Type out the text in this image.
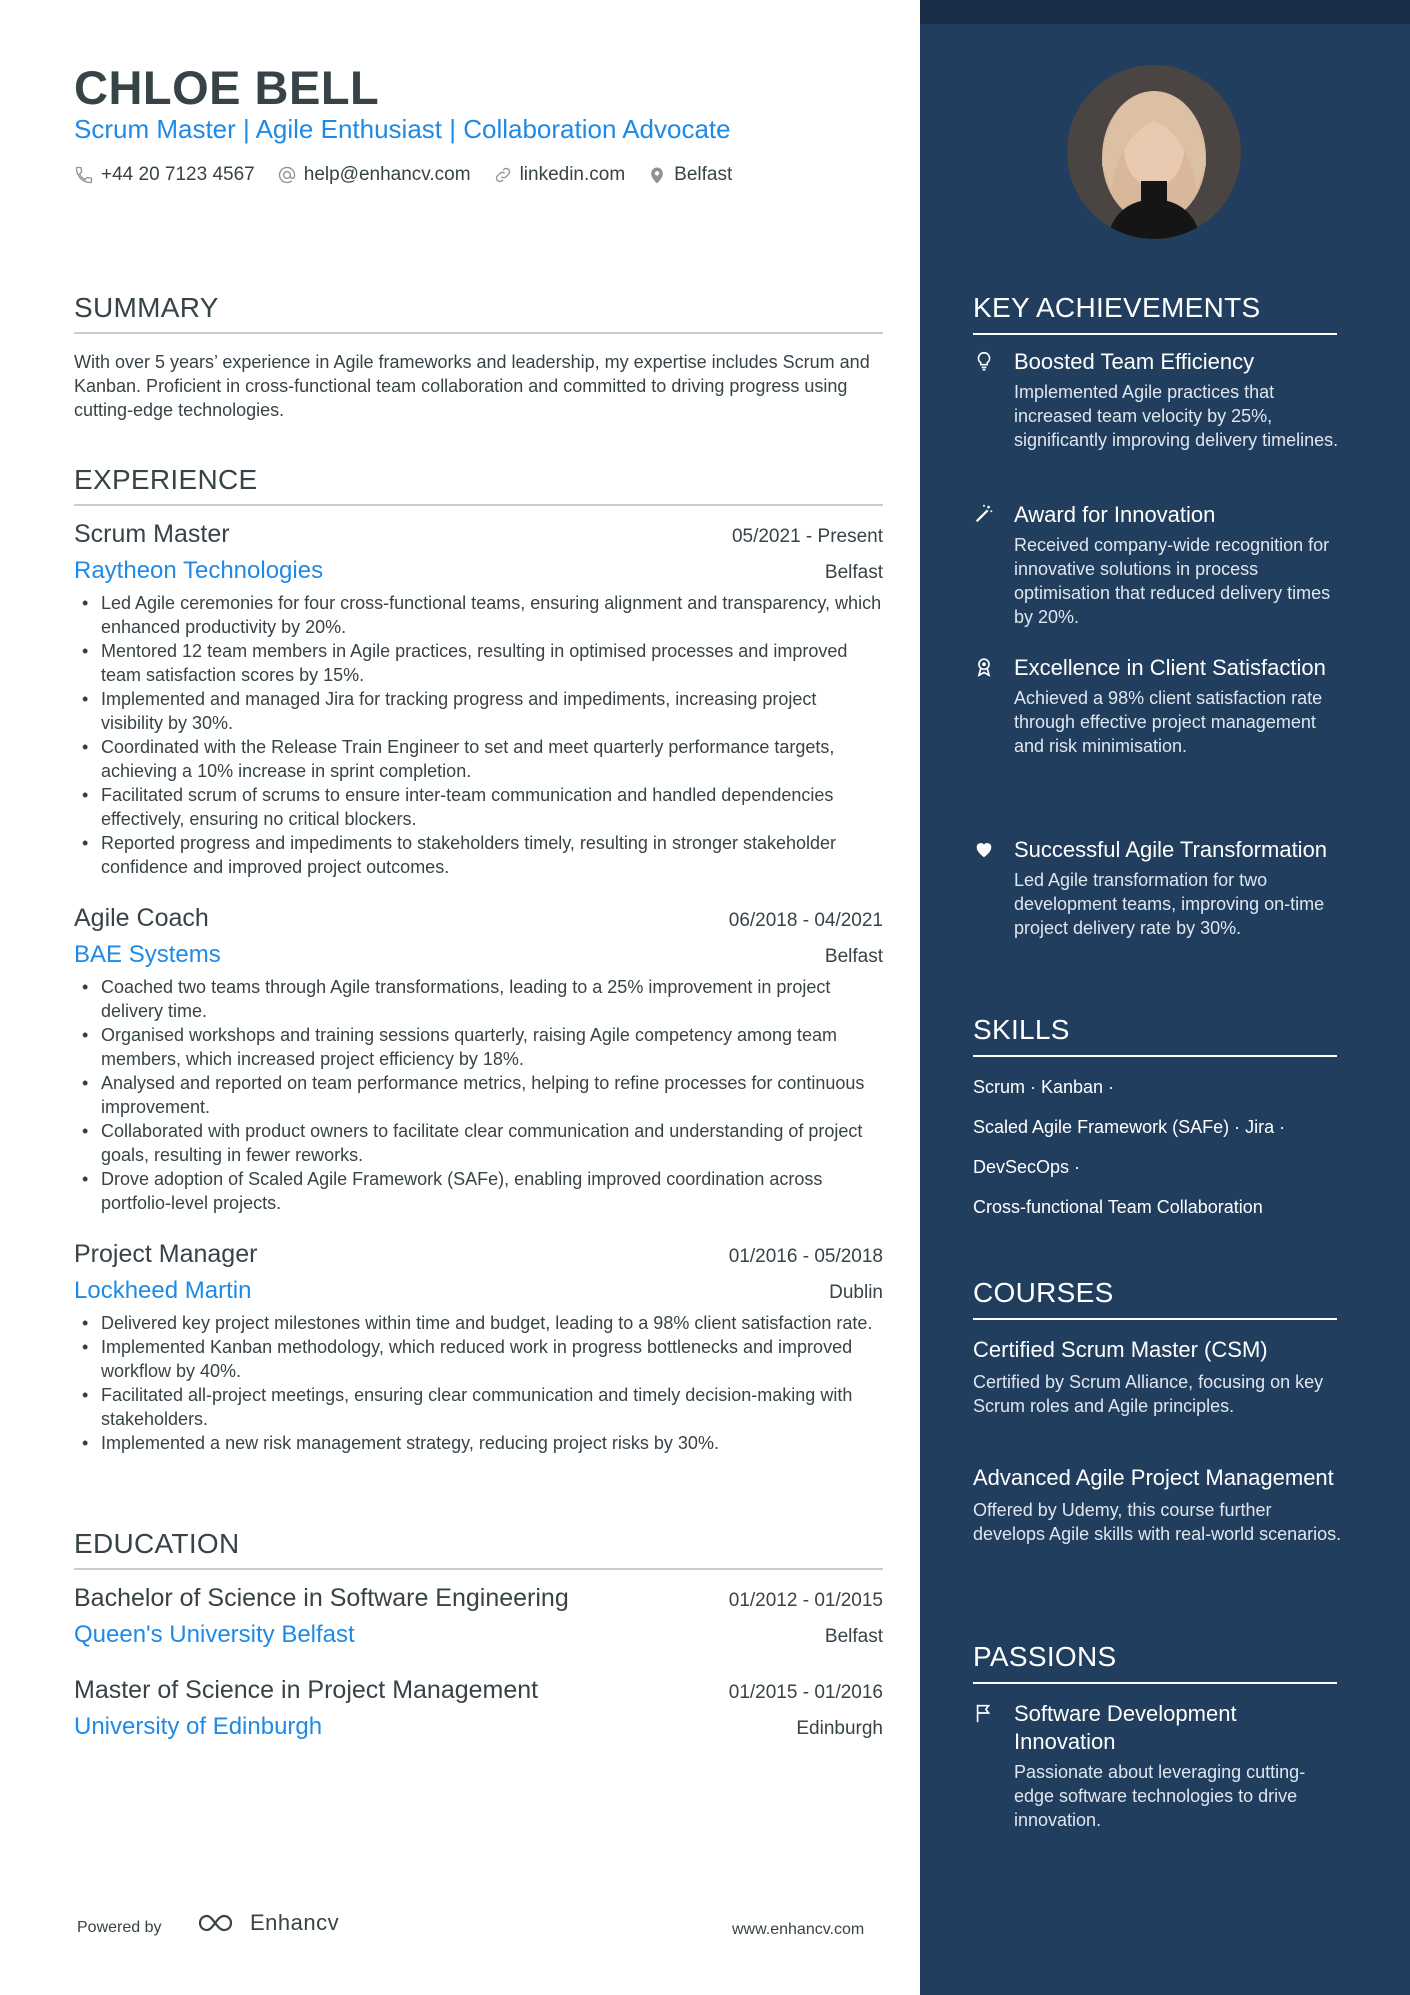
CHLOE BELL
Scrum Master | Agile Enthusiast | Collaboration Advocate
+44 20 7123 4567	help@enhancv.com	linkedin.com	Belfast
SUMMARY
With over 5 years’ experience in Agile frameworks and leadership, my expertise includes Scrum and Kanban. Proficient in cross-functional team collaboration and committed to driving progress using cutting-edge technologies.
EXPERIENCE
Scrum Master	05/2021 - Present
Raytheon Technologies	Belfast
• Led Agile ceremonies for four cross-functional teams, ensuring alignment and transparency, which enhanced productivity by 20%.
• Mentored 12 team members in Agile practices, resulting in optimised processes and improved team satisfaction scores by 15%.
• Implemented and managed Jira for tracking progress and impediments, increasing project visibility by 30%.
• Coordinated with the Release Train Engineer to set and meet quarterly performance targets, achieving a 10% increase in sprint completion.
• Facilitated scrum of scrums to ensure inter-team communication and handled dependencies effectively, ensuring no critical blockers.
• Reported progress and impediments to stakeholders timely, resulting in stronger stakeholder confidence and improved project outcomes.
Agile Coach	06/2018 - 04/2021
BAE Systems	Belfast
• Coached two teams through Agile transformations, leading to a 25% improvement in project delivery time.
• Organised workshops and training sessions quarterly, raising Agile competency among team members, which increased project efficiency by 18%.
• Analysed and reported on team performance metrics, helping to refine processes for continuous improvement.
• Collaborated with product owners to facilitate clear communication and understanding of project goals, resulting in fewer reworks.
• Drove adoption of Scaled Agile Framework (SAFe), enabling improved coordination across portfolio-level projects.
Project Manager	01/2016 - 05/2018
Lockheed Martin	Dublin
• Delivered key project milestones within time and budget, leading to a 98% client satisfaction rate.
• Implemented Kanban methodology, which reduced work in progress bottlenecks and improved workflow by 40%.
• Facilitated all-project meetings, ensuring clear communication and timely decision-making with stakeholders.
• Implemented a new risk management strategy, reducing project risks by 30%.
EDUCATION
Bachelor of Science in Software Engineering	01/2012 - 01/2015
Queen's University Belfast	Belfast
Master of Science in Project Management	01/2015 - 01/2016
University of Edinburgh	Edinburgh
Powered by	Enhancv	www.enhancv.com
KEY ACHIEVEMENTS
Boosted Team Efficiency
Implemented Agile practices that increased team velocity by 25%, significantly improving delivery timelines.
Award for Innovation
Received company-wide recognition for innovative solutions in process optimisation that reduced delivery times by 20%.
Excellence in Client Satisfaction
Achieved a 98% client satisfaction rate through effective project management and risk minimisation.
Successful Agile Transformation
Led Agile transformation for two development teams, improving on-time project delivery rate by 30%.
SKILLS
Scrum · Kanban ·
Scaled Agile Framework (SAFe) · Jira ·
DevSecOps ·
Cross-functional Team Collaboration
COURSES
Certified Scrum Master (CSM)
Certified by Scrum Alliance, focusing on key Scrum roles and Agile principles.
Advanced Agile Project Management
Offered by Udemy, this course further develops Agile skills with real-world scenarios.
PASSIONS
Software Development Innovation
Passionate about leveraging cutting-edge software technologies to drive innovation.
